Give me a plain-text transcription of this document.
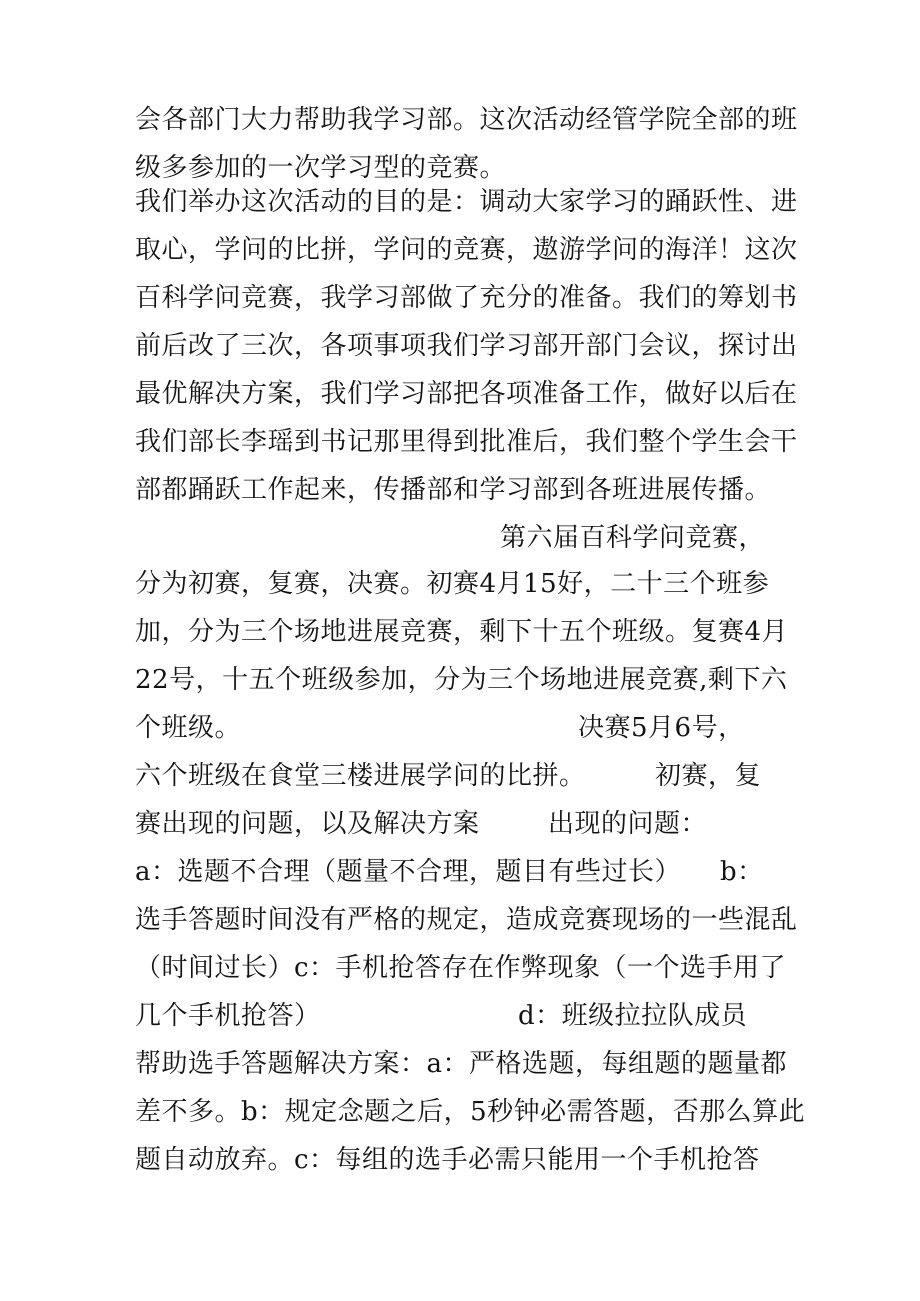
会各部门大力帮助我学习部。这次活动经管学院全部的班
级多参加的一次学习型的竞赛。
我们举办这次活动的目的是：调动大家学习的踊跃性、进
取心，学问的比拼，学问的竞赛，遨游学问的海洋！这次
百科学问竞赛，我学习部做了充分的准备。我们的筹划书
前后改了三次，各项事项我们学习部开部门会议，探讨出
最优解决方案，我们学习部把各项准备工作，做好以后在
我们部长李瑶到书记那里得到批准后，我们整个学生会干
部都踊跃工作起来，传播部和学习部到各班进展传播。
第六届百科学问竞赛，
分为初赛，复赛，决赛。初赛4月15好，二十三个班参
加，分为三个场地进展竞赛，剩下十五个班级。复赛4月
22号，十五个班级参加，分为三个场地进展竞赛,剩下六
个班级。	决赛5月6号，
六个班级在食堂三楼进展学问的比拼。	初赛，复
赛出现的问题，以及解决方案	出现的问题：
a：选题不合理（题量不合理，题目有些过长）	b：
选手答题时间没有严格的规定，造成竞赛现场的一些混乱
（时间过长）c：手机抢答存在作弊现象（一个选手用了
几个手机抢答）	d：班级拉拉队成员
帮助选手答题解决方案：a：严格选题，每组题的题量都
差不多。b：规定念题之后，5秒钟必需答题，否那么算此
题自动放弃。c：每组的选手必需只能用一个手机抢答
